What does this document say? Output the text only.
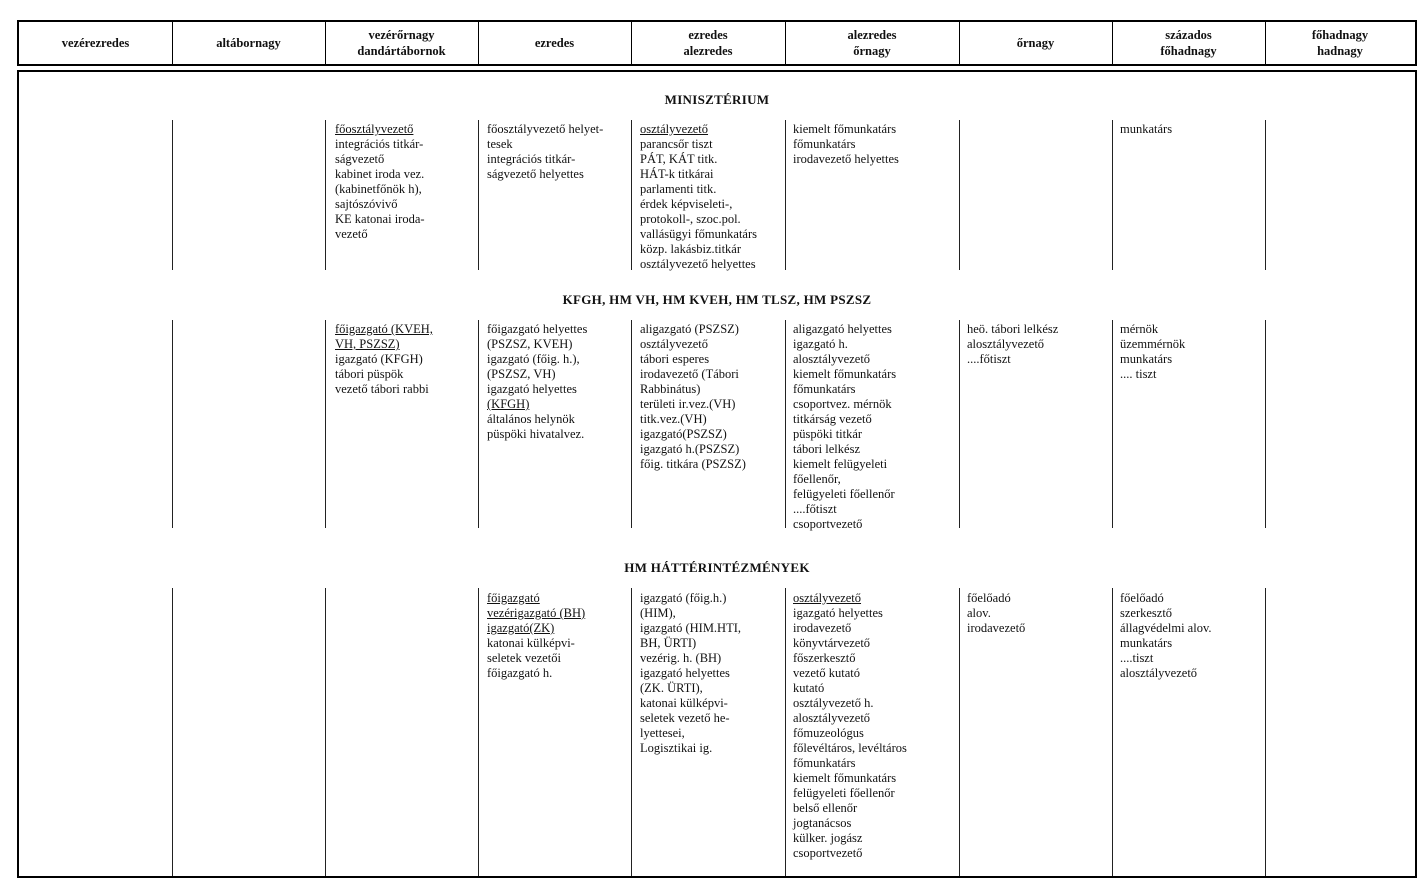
vezérezredes	altábornagy
vezérőrnagy
dandártábornok
ezredes
ezredes
alezredes
alezredes
őrnagy
őrnagy
százados
főhadnagy
főhadnagy
hadnagy
MINISZTÉRIUM
főosztályvezető
integrációs titkár-
ságvezető
kabinet iroda vez.
(kabinetfőnök h),
sajtószóvivő
KE katonai iroda-
vezető
főosztályvezető helyet-
tesek
integrációs titkár-
ságvezető helyettes
osztályvezető
parancsőr tiszt
PÁT, KÁT titk.
HÁT-k titkárai
parlamenti titk.
érdek képviseleti-,
protokoll-, szoc.pol.
vallásügyi főmunkatárs
közp. lakásbiz.titkár
osztályvezető helyettes
kiemelt főmunkatárs
főmunkatárs
irodavezető helyettes
munkatárs
KFGH, HM VH, HM KVEH, HM TLSZ, HM PSZSZ
főigazgató (KVEH,
VH, PSZSZ)
igazgató (KFGH)
tábori püspök
vezető tábori rabbi
főigazgató helyettes
(PSZSZ, KVEH)
igazgató (főig. h.),
(PSZSZ, VH)
igazgató helyettes
(KFGH)
általános helynök
püspöki hivatalvez.
aligazgató (PSZSZ)
osztályvezető
tábori esperes
irodavezető (Tábori
Rabbinátus)
területi ir.vez.(VH)
titk.vez.(VH)
igazgató(PSZSZ)
igazgató h.(PSZSZ)
főig. titkára (PSZSZ)
aligazgató helyettes
igazgató h.
alosztályvezető
kiemelt főmunkatárs
főmunkatárs
csoportvez. mérnök
titkárság vezető
püspöki titkár
tábori lelkész
kiemelt felügyeleti
főellenőr,
felügyeleti főellenőr
....főtiszt
csoportvezető
heö. tábori lelkész
alosztályvezető
....főtiszt
mérnök
üzemmérnök
munkatárs
.... tiszt
HM HÁTTÉRINTÉZMÉNYEK
főigazgató
vezérigazgató (BH)
igazgató(ZK)
katonai külképvi-
seletek vezetői
főigazgató h.
igazgató (főig.h.)
(HIM),
igazgató (HIM.HTI,
BH, ÜRTI)
vezérig. h. (BH)
igazgató helyettes
(ZK. ÜRTI),
katonai külképvi-
seletek vezető he-
lyettesei,
Logisztikai ig.
osztályvezető
igazgató helyettes
irodavezető
könyvtárvezető
főszerkesztő
vezető kutató
kutató
osztályvezető h.
alosztályvezető
főmuzeológus
főlevéltáros, levéltáros
főmunkatárs
kiemelt főmunkatárs
felügyeleti főellenőr
belső ellenőr
jogtanácsos
külker. jogász
csoportvezető
főelőadó
alov.
irodavezető
főelőadó
szerkesztő
állagvédelmi alov.
munkatárs
....tiszt
alosztályvezető
